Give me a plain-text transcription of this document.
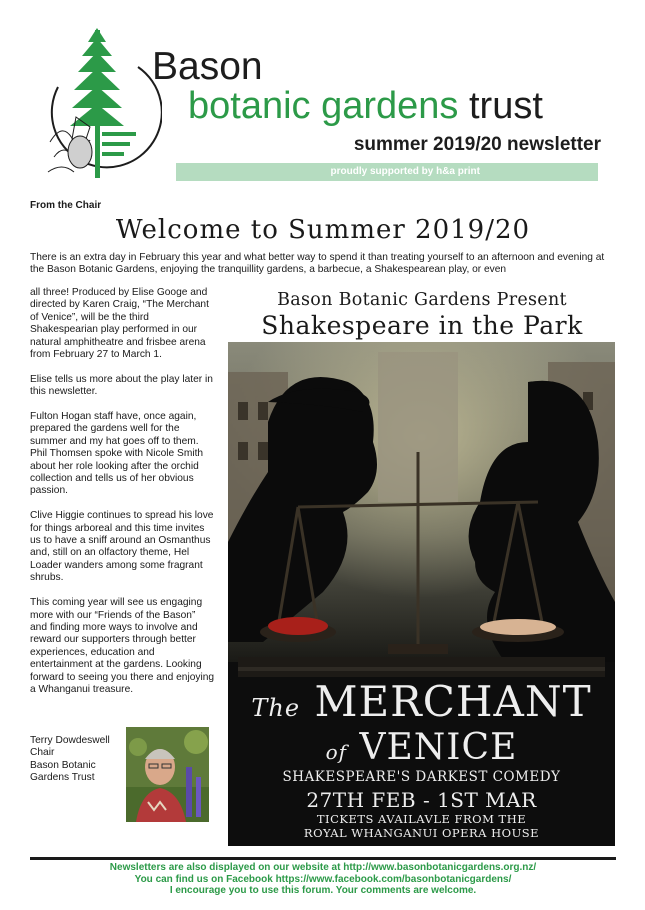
Bason
botanic gardens trust
summer 2019/20 newsletter
proudly supported by h&a print
From the Chair
Welcome to Summer 2019/20
There is an extra day in February this year and what better way to spend it than treating yourself to an afternoon and evening at the Bason Botanic Gardens, enjoying the tranquillity gardens, a barbecue, a Shakespearean play, or even

all three! Produced by Elise Googe and directed by Karen Craig, “The Merchant of Venice”, will be the third Shakespearian play performed in our natural amphitheatre and frisbee arena from February 27 to March 1.

Elise tells us more about the play later in this newsletter.

Fulton Hogan staff have, once again, prepared the gardens well for the summer and my hat goes off to them. Phil Thomsen spoke with Nicole Smith about her role looking after the orchid collection and tells us of her obvious passion.

Clive Higgie continues to spread his love for things arboreal and this time invites us to have a sniff around an Osmanthus and, still on an olfactory theme, Hel Loader wanders among some fragrant shrubs.

This coming year will see us engaging more with our “Friends of the Bason” and finding more ways to involve and reward our supporters through better experiences, education and entertainment at the gardens. Looking forward to seeing you there and enjoying a Whanganui treasure.

Bason Botanic Gardens Present
Shakespeare in the Park
The MERCHANT
of VENICE
SHAKESPEARE'S DARKEST COMEDY
27TH FEB - 1ST MAR
TICKETS AVAILAVLE FROM THE
ROYAL WHANGANUI OPERA HOUSE
Terry Dowdeswell
Chair
Bason Botanic
Gardens Trust
Newsletters are also displayed on our website at http://www.basonbotanicgardens.org.nz/
You can find us on Facebook https://www.facebook.com/basonbotanicgardens/
I encourage you to use this forum. Your comments are welcome.
